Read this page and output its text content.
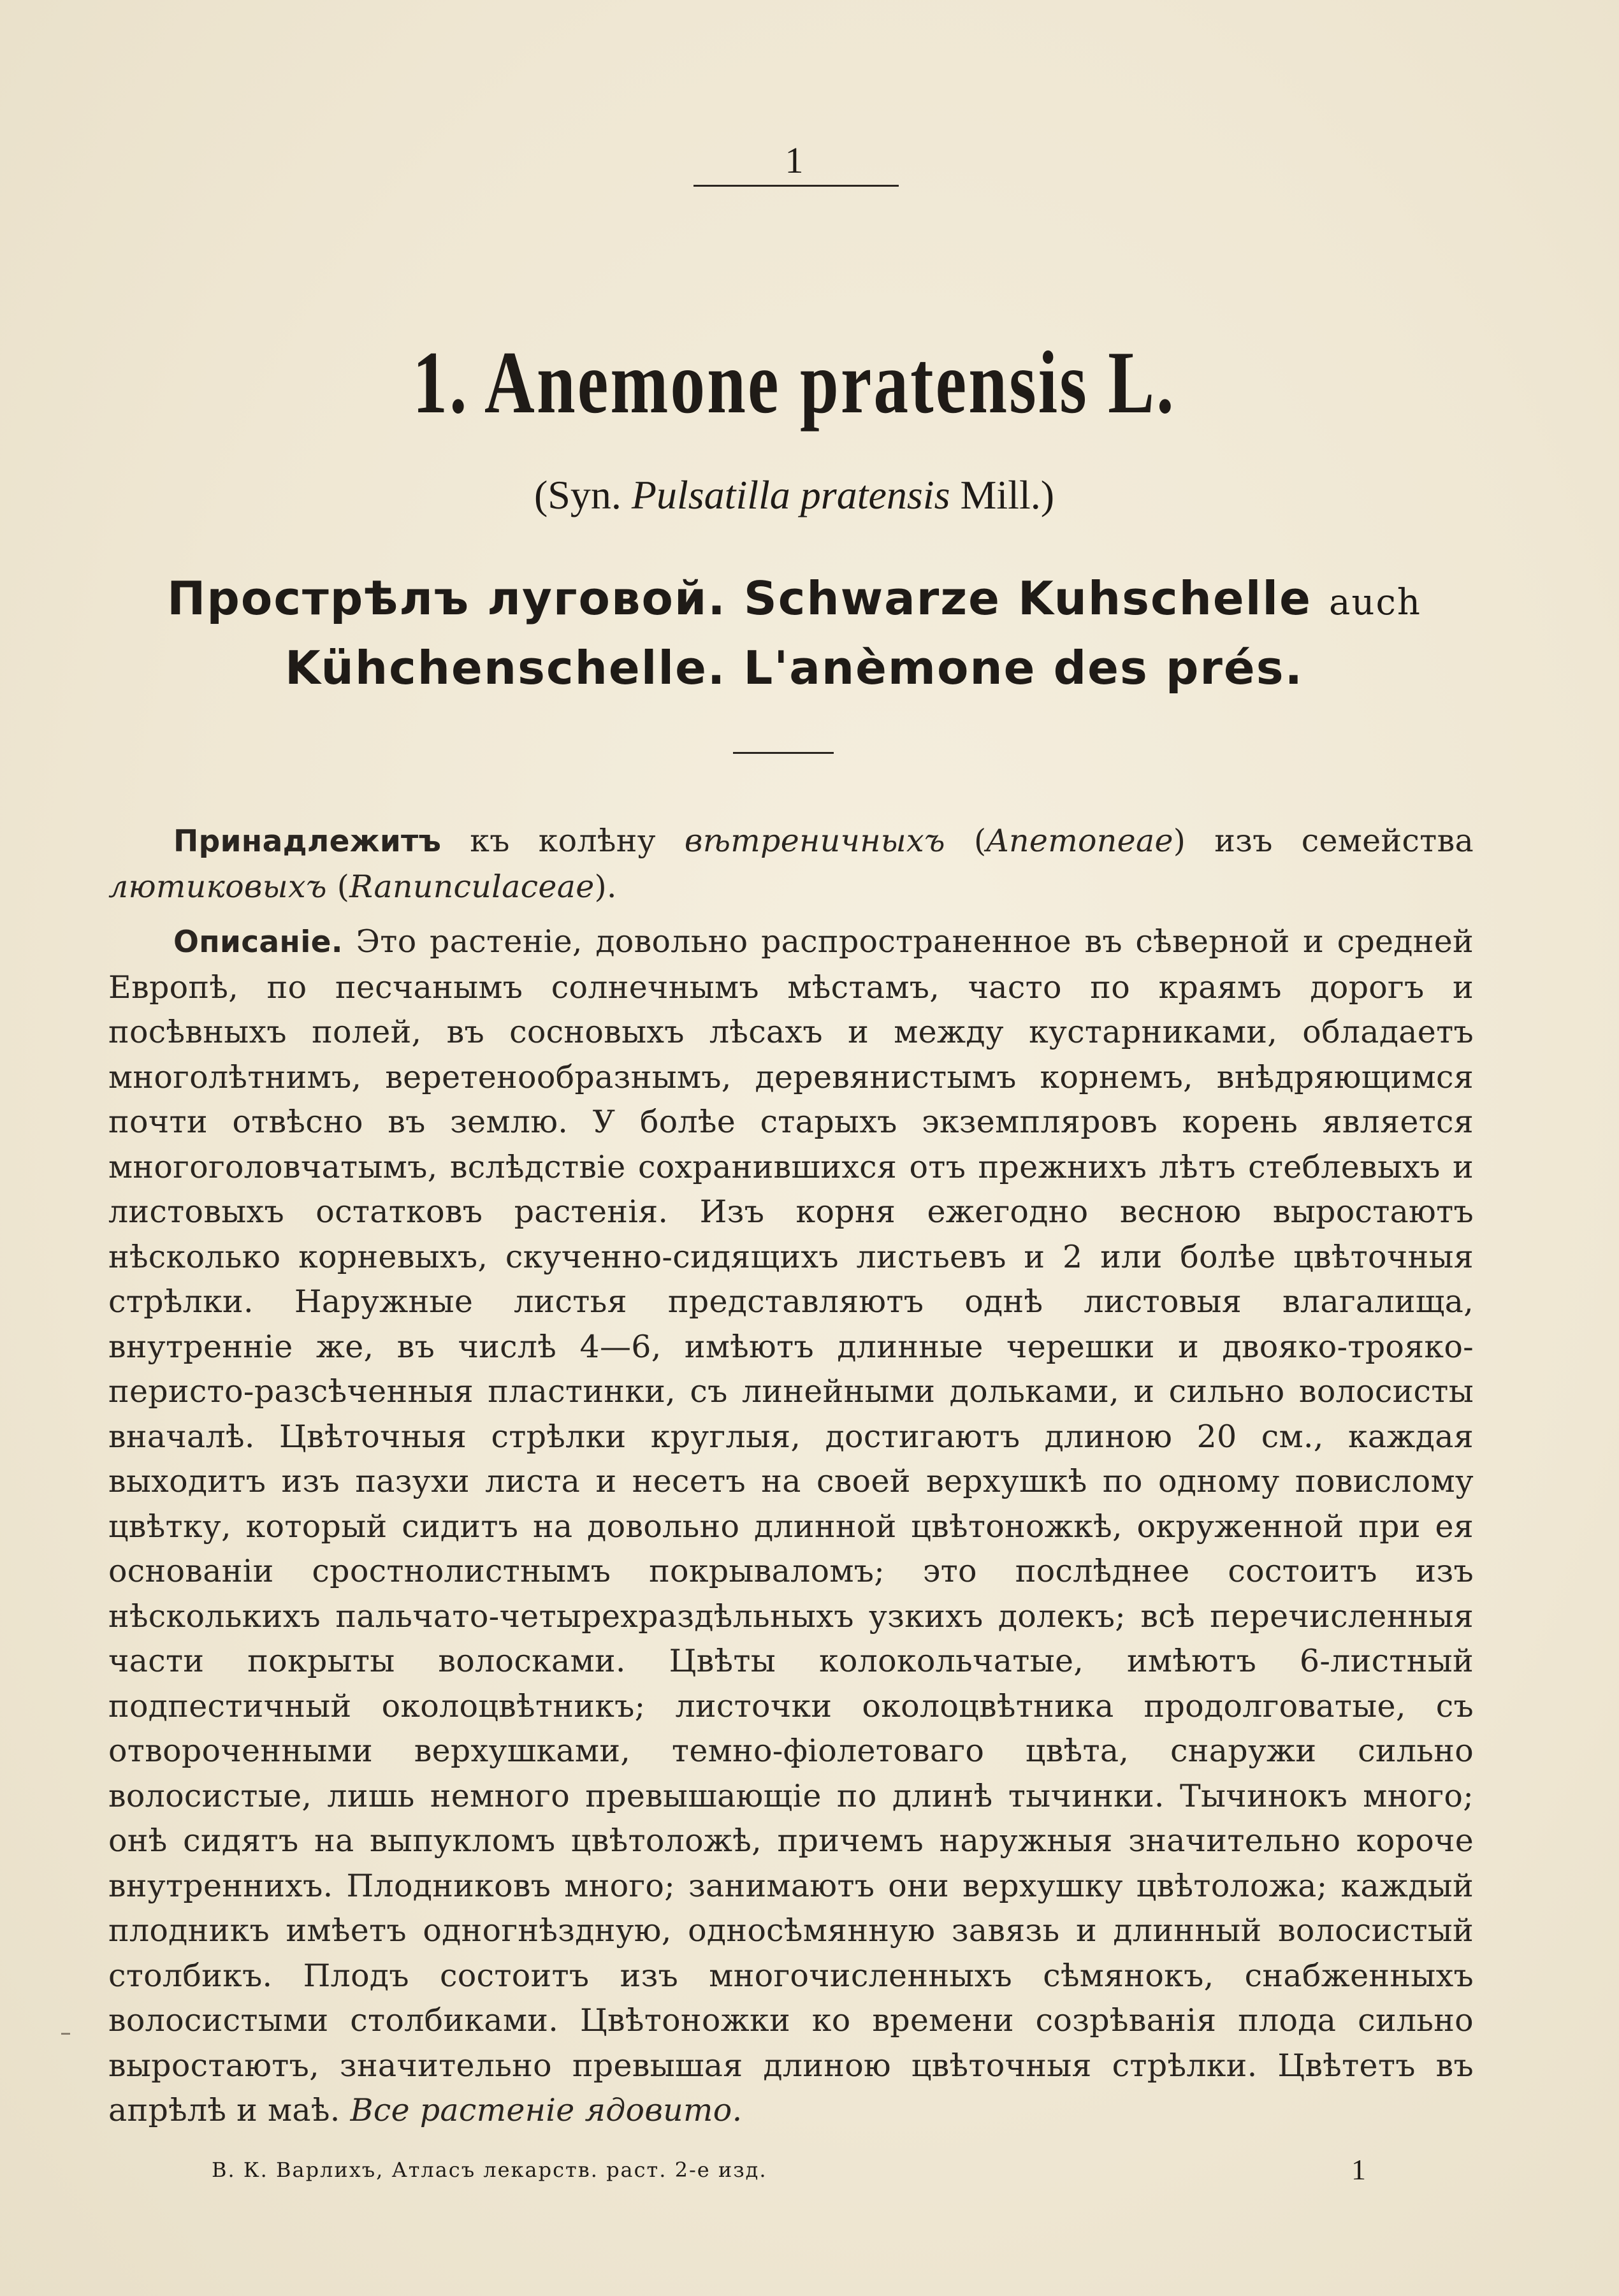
1
1. Anemone pratensis L.
(Syn. Pulsatilla pratensis Mill.)
Прострѣлъ луговой. Schwarze Kuhschelle auch
Kühchenschelle. L'anèmone des prés.

Принадлежитъ къ колѣну вѣтреничныхъ (Anemoneae) изъ семейства лютиковыхъ (Ranunculaceae).

Описаніе. Это растеніе, довольно распространенное въ сѣверной и средней Европѣ, по песчанымъ солнечнымъ мѣстамъ, часто по краямъ дорогъ и посѣвныхъ полей, въ сосновыхъ лѣсахъ и между кустарниками, обладаетъ многолѣтнимъ, веретенообразнымъ, деревянистымъ корнемъ, внѣдряющимся почти отвѣсно въ землю. У болѣе старыхъ экземпляровъ корень является многоголовчатымъ, вслѣдствіе сохранившихся отъ прежнихъ лѣтъ стеблевыхъ и листовыхъ остатковъ растенія. Изъ корня ежегодно весною выростаютъ нѣсколько корневыхъ, скученно-сидящихъ листьевъ и 2 или болѣе цвѣточныя стрѣлки. Наружные листья представляютъ однѣ листовыя влагалища, внутренніе же, въ числѣ 4—6, имѣютъ длинные черешки и двояко-трояко-перисто-разсѣченныя пластинки, съ линейными дольками, и сильно волосисты вначалѣ. Цвѣточныя стрѣлки круглыя, достигаютъ длиною 20 см., каждая выходитъ изъ пазухи листа и несетъ на своей верхушкѣ по одному повислому цвѣтку, который сидитъ на довольно длинной цвѣтоножкѣ, окруженной при ея основаніи сростнолистнымъ покрываломъ; это послѣднее состоитъ изъ нѣсколькихъ пальчато-четырехраздѣльныхъ узкихъ долекъ; всѣ перечисленныя части покрыты волосками. Цвѣты колокольчатые, имѣютъ 6-листный подпестичный околоцвѣтникъ; листочки околоцвѣтника продолговатые, съ отвороченными верхушками, темно-фіолетоваго цвѣта, снаружи сильно волосистые, лишь немного превышающіе по длинѣ тычинки. Тычинокъ много; онѣ сидятъ на выпукломъ цвѣтоложѣ, причемъ наружныя значительно короче внутреннихъ. Плодниковъ много; занимаютъ они верхушку цвѣтоложа; каждый плодникъ имѣетъ одногнѣздную, односѣмянную завязь и длинный волосистый столбикъ. Плодъ состоитъ изъ многочисленныхъ сѣмянокъ, снабженныхъ волосистыми столбиками. Цвѣтоножки ко времени созрѣванія плода сильно выростаютъ, значительно превышая длиною цвѣточныя стрѣлки. Цвѣтетъ въ апрѣлѣ и маѣ. Все растеніе ядовито.

В. К. Варлихъ, Атласъ лекарств. раст. 2-е изд.	1
